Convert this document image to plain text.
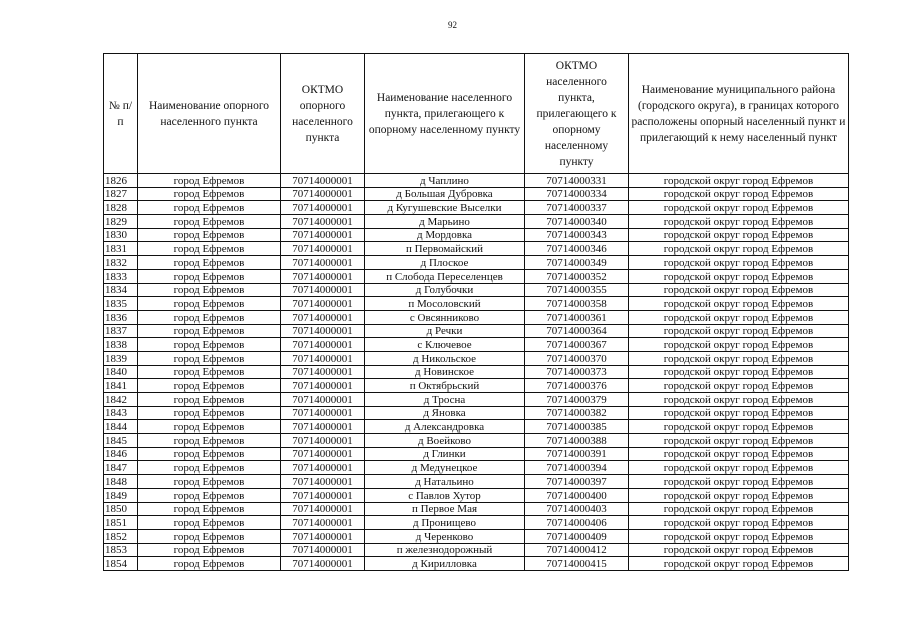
92
№ п/п	Наименование опорного населенного пункта	ОКТМО опорного населенного пункта	Наименование населенного пункта, прилегающего к опорному населенному пункту	ОКТМО населенного пункта, прилегающего к опорному населенному пункту	Наименование муниципального района (городского округа), в границах которого расположены опорный населенный пункт и прилегающий к нему населенный пункт
1826	город Ефремов	70714000001	д Чаплино	70714000331	городской округ город Ефремов
1827	город Ефремов	70714000001	д Большая Дубровка	70714000334	городской округ город Ефремов
1828	город Ефремов	70714000001	д Кугушевские Выселки	70714000337	городской округ город Ефремов
1829	город Ефремов	70714000001	д Марьино	70714000340	городской округ город Ефремов
1830	город Ефремов	70714000001	д Мордовка	70714000343	городской округ город Ефремов
1831	город Ефремов	70714000001	п Первомайский	70714000346	городской округ город Ефремов
1832	город Ефремов	70714000001	д Плоское	70714000349	городской округ город Ефремов
1833	город Ефремов	70714000001	п Слобода Переселенцев	70714000352	городской округ город Ефремов
1834	город Ефремов	70714000001	д Голубочки	70714000355	городской округ город Ефремов
1835	город Ефремов	70714000001	п Мосоловский	70714000358	городской округ город Ефремов
1836	город Ефремов	70714000001	с Овсянниково	70714000361	городской округ город Ефремов
1837	город Ефремов	70714000001	д Речки	70714000364	городской округ город Ефремов
1838	город Ефремов	70714000001	с Ключевое	70714000367	городской округ город Ефремов
1839	город Ефремов	70714000001	д Никольское	70714000370	городской округ город Ефремов
1840	город Ефремов	70714000001	д Новинское	70714000373	городской округ город Ефремов
1841	город Ефремов	70714000001	п Октябрьский	70714000376	городской округ город Ефремов
1842	город Ефремов	70714000001	д Тросна	70714000379	городской округ город Ефремов
1843	город Ефремов	70714000001	д Яновка	70714000382	городской округ город Ефремов
1844	город Ефремов	70714000001	д Александровка	70714000385	городской округ город Ефремов
1845	город Ефремов	70714000001	д Воейково	70714000388	городской округ город Ефремов
1846	город Ефремов	70714000001	д Глинки	70714000391	городской округ город Ефремов
1847	город Ефремов	70714000001	д Медунецкое	70714000394	городской округ город Ефремов
1848	город Ефремов	70714000001	д Натальино	70714000397	городской округ город Ефремов
1849	город Ефремов	70714000001	с Павлов Хутор	70714000400	городской округ город Ефремов
1850	город Ефремов	70714000001	п Первое Мая	70714000403	городской округ город Ефремов
1851	город Ефремов	70714000001	д Пронищево	70714000406	городской округ город Ефремов
1852	город Ефремов	70714000001	д Черенково	70714000409	городской округ город Ефремов
1853	город Ефремов	70714000001	п железнодорожный	70714000412	городской округ город Ефремов
1854	город Ефремов	70714000001	д Кирилловка	70714000415	городской округ город Ефремов
